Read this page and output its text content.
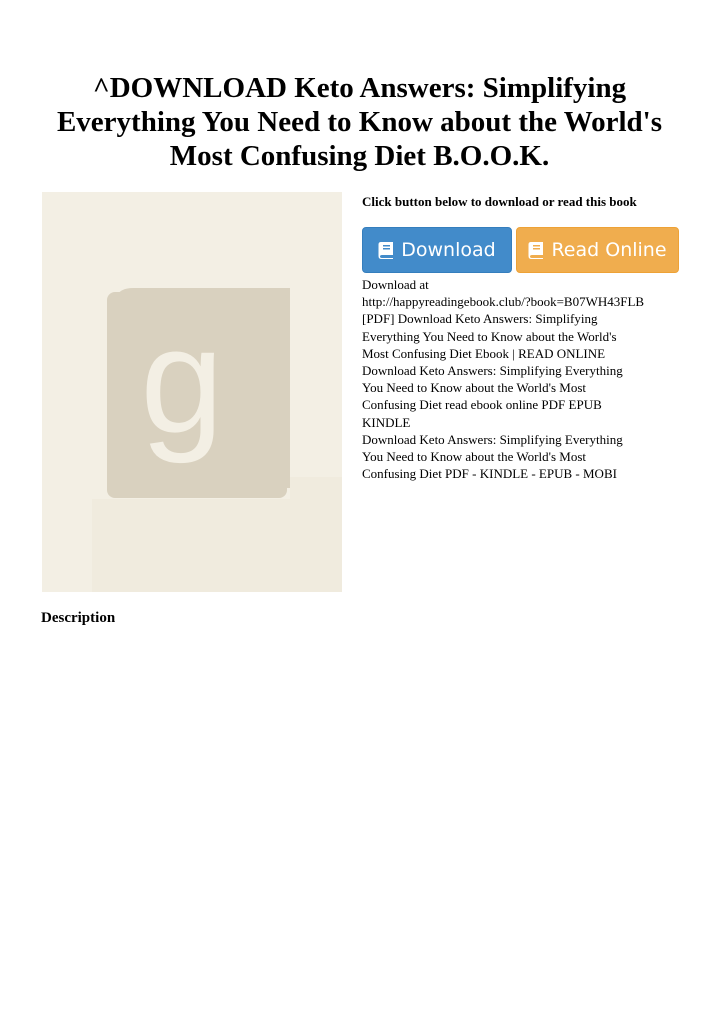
^DOWNLOAD Keto Answers: Simplifying Everything You Need to Know about the World's Most Confusing Diet B.O.O.K.
g

Click button below to download or read this book

Download	Read Online

Download at

http://happyreadingebook.club/?book=B07WH43FLB

[PDF] Download Keto Answers: Simplifying

Everything You Need to Know about the World's

Most Confusing Diet Ebook | READ ONLINE

Download Keto Answers: Simplifying Everything

You Need to Know about the World's Most

Confusing Diet read ebook online PDF EPUB

KINDLE

Download Keto Answers: Simplifying Everything

You Need to Know about the World's Most

Confusing Diet PDF - KINDLE - EPUB - MOBI

Description
